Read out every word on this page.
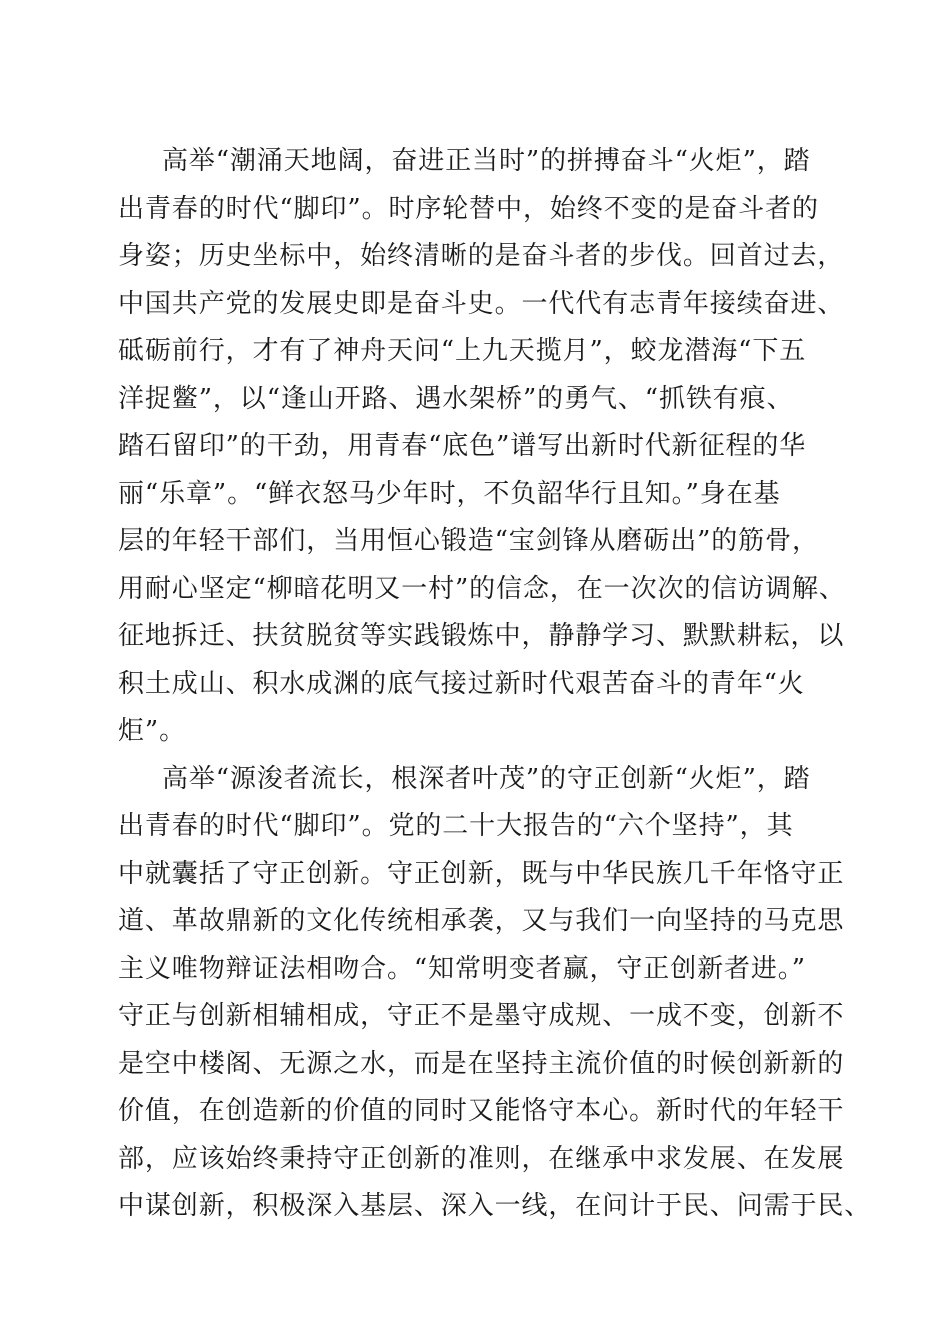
高举“潮涌天地阔，奋进正当时”的拼搏奋斗“火炬”，踏
出青春的时代“脚印”。时序轮替中，始终不变的是奋斗者的
身姿；历史坐标中，始终清晰的是奋斗者的步伐。回首过去，
中国共产党的发展史即是奋斗史。一代代有志青年接续奋进、
砥砺前行，才有了神舟天问“上九天揽月”，蛟龙潜海“下五
洋捉鳖”，以“逢山开路、遇水架桥”的勇气、“抓铁有痕、
踏石留印”的干劲，用青春“底色”谱写出新时代新征程的华
丽“乐章”。“鲜衣怒马少年时，不负韶华行且知。”身在基
层的年轻干部们，当用恒心锻造“宝剑锋从磨砺出”的筋骨，
用耐心坚定“柳暗花明又一村”的信念，在一次次的信访调解、
征地拆迁、扶贫脱贫等实践锻炼中，静静学习、默默耕耘，以
积土成山、积水成渊的底气接过新时代艰苦奋斗的青年“火
炬”。
高举“源浚者流长，根深者叶茂”的守正创新“火炬”，踏
出青春的时代“脚印”。党的二十大报告的“六个坚持”，其
中就囊括了守正创新。守正创新，既与中华民族几千年恪守正
道、革故鼎新的文化传统相承袭，又与我们一向坚持的马克思
主义唯物辩证法相吻合。“知常明变者赢，守正创新者进。”
守正与创新相辅相成，守正不是墨守成规、一成不变，创新不
是空中楼阁、无源之水，而是在坚持主流价值的时候创新新的
价值，在创造新的价值的同时又能恪守本心。新时代的年轻干
部，应该始终秉持守正创新的准则，在继承中求发展、在发展
中谋创新，积极深入基层、深入一线，在问计于民、问需于民、
